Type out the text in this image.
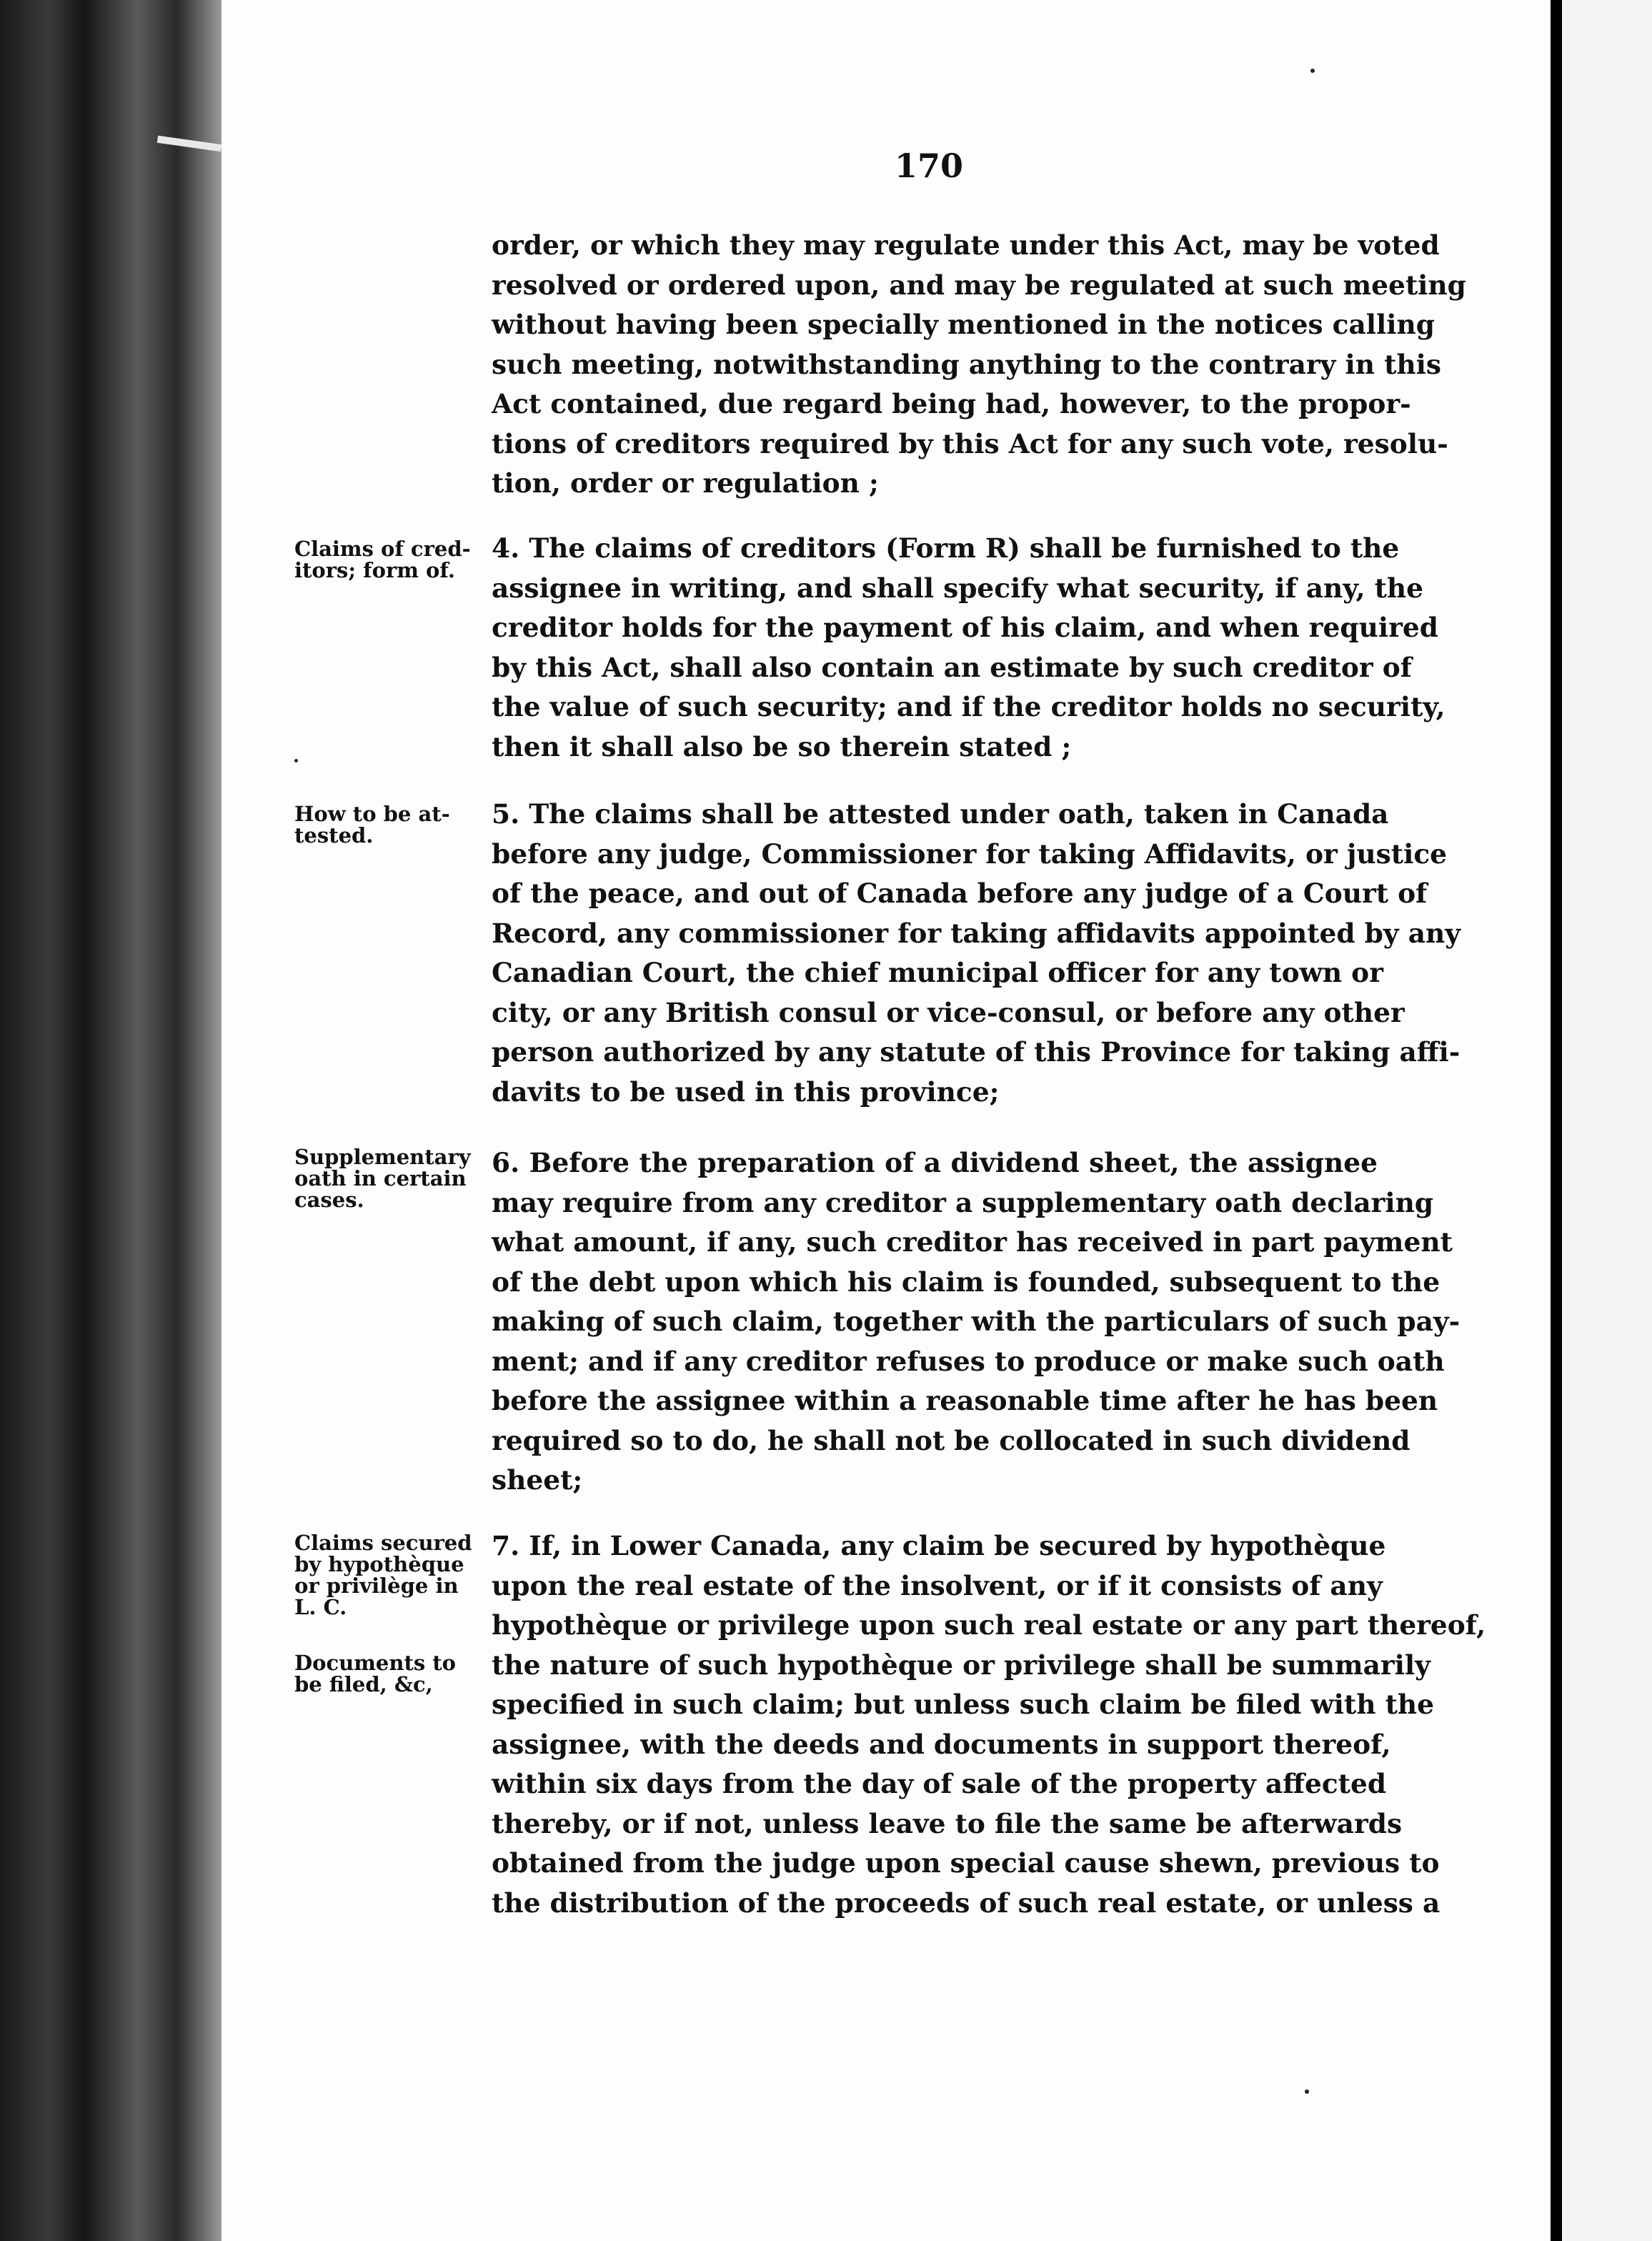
170
order, or which they may regulate under this Act, may be voted
resolved or ordered upon, and may be regulated at such meeting
without having been specially mentioned in the notices calling
such meeting, notwithstanding anything to the contrary in this
Act contained, due regard being had, however, to the propor-
tions of creditors required by this Act for any such vote, resolu-
tion, order or regulation ;
Claims of cred-
itors; form of.
4. The claims of creditors (Form R) shall be furnished to the
assignee in writing, and shall specify what security, if any, the
creditor holds for the payment of his claim, and when required
by this Act, shall also contain an estimate by such creditor of
the value of such security; and if the creditor holds no security,
then it shall also be so therein stated ;
How to be at-
tested.
5. The claims shall be attested under oath, taken in Canada
before any judge, Commissioner for taking Affidavits, or justice
of the peace, and out of Canada before any judge of a Court of
Record, any commissioner for taking affidavits appointed by any
Canadian Court, the chief municipal officer for any town or
city, or any British consul or vice-consul, or before any other
person authorized by any statute of this Province for taking affi-
davits to be used in this province;
Supplementary
oath in certain
cases.
6. Before the preparation of a dividend sheet, the assignee
may require from any creditor a supplementary oath declaring
what amount, if any, such creditor has received in part payment
of the debt upon which his claim is founded, subsequent to the
making of such claim, together with the particulars of such pay-
ment; and if any creditor refuses to produce or make such oath
before the assignee within a reasonable time after he has been
required so to do, he shall not be collocated in such dividend
sheet;
Claims secured
by hypothèque
or privilège in
L. C.
Documents to
be filed, &c,
7. If, in Lower Canada, any claim be secured by hypothèque
upon the real estate of the insolvent, or if it consists of any
hypothèque or privilege upon such real estate or any part thereof,
the nature of such hypothèque or privilege shall be summarily
specified in such claim; but unless such claim be filed with the
assignee, with the deeds and documents in support thereof,
within six days from the day of sale of the property affected
thereby, or if not, unless leave to file the same be afterwards
obtained from the judge upon special cause shewn, previous to
the distribution of the proceeds of such real estate, or unless a
